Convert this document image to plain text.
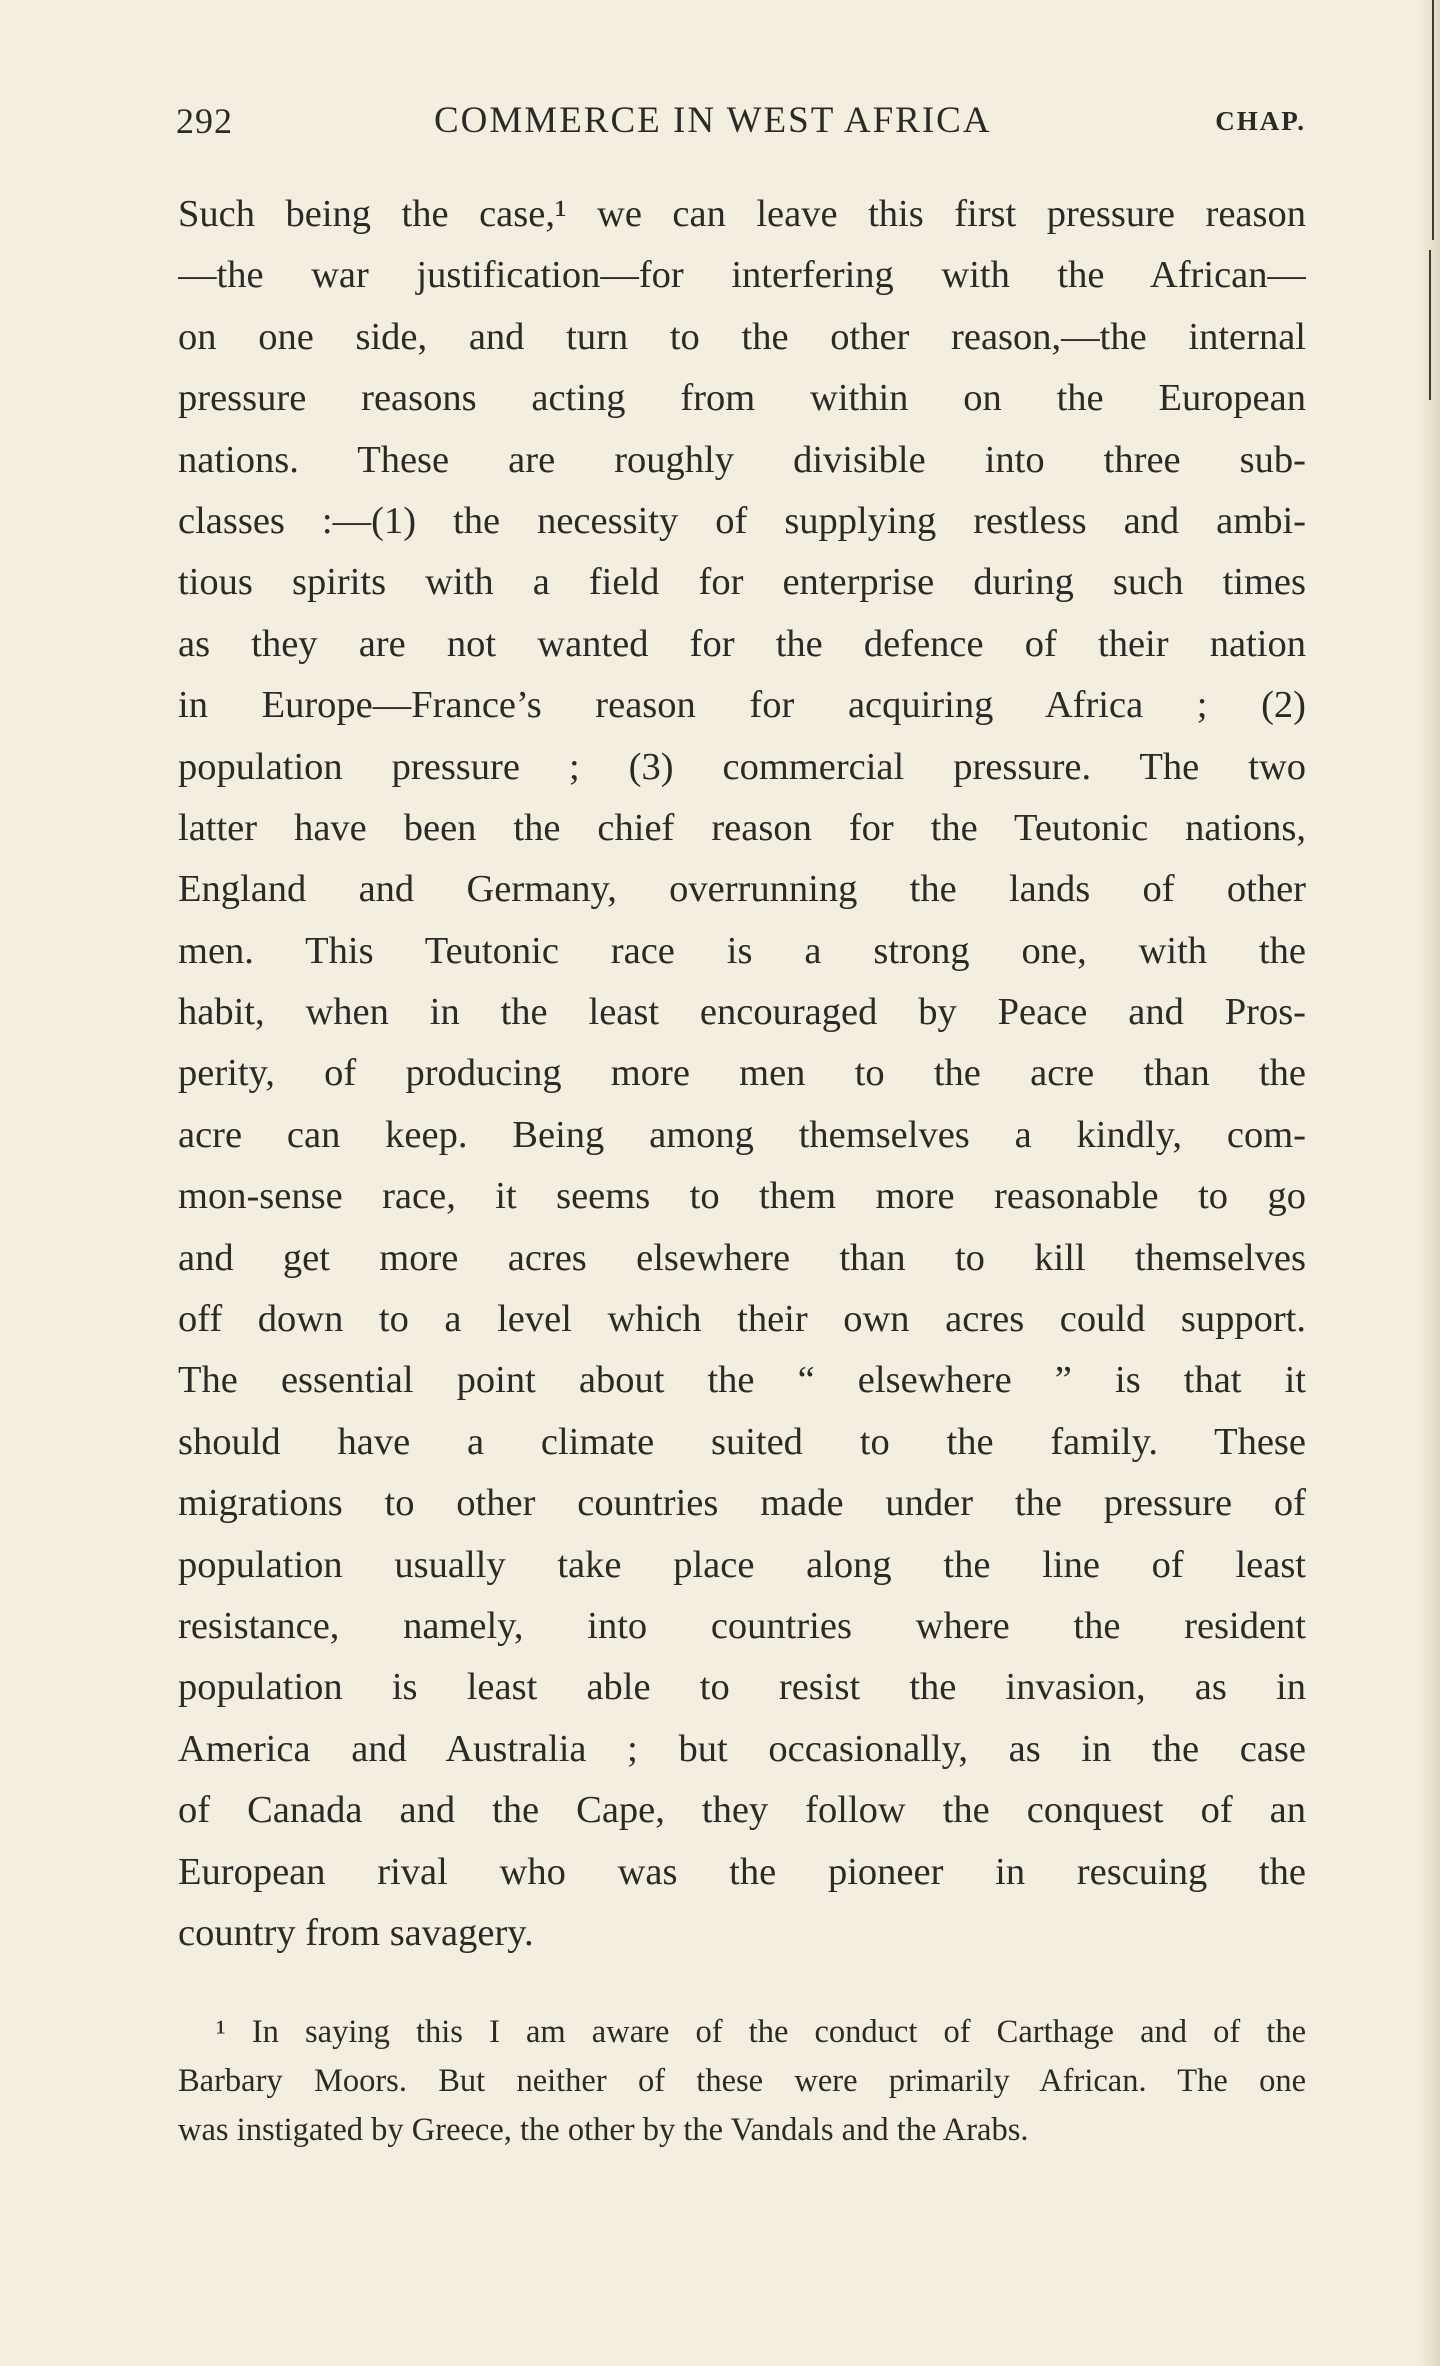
292	COMMERCE IN WEST AFRICA	CHAP.
Such being the case,¹ we can leave this first pressure reason
—the war justification—for interfering with the African—
on one side, and turn to the other reason,—the internal
pressure reasons acting from within on the European
nations. These are roughly divisible into three sub-
classes :—(1) the necessity of supplying restless and ambi-
tious spirits with a field for enterprise during such times
as they are not wanted for the defence of their nation
in Europe—France’s reason for acquiring Africa ; (2)
population pressure ; (3) commercial pressure. The two
latter have been the chief reason for the Teutonic nations,
England and Germany, overrunning the lands of other
men. This Teutonic race is a strong one, with the
habit, when in the least encouraged by Peace and Pros-
perity, of producing more men to the acre than the
acre can keep. Being among themselves a kindly, com-
mon-sense race, it seems to them more reasonable to go
and get more acres elsewhere than to kill themselves
off down to a level which their own acres could support.
The essential point about the “ elsewhere ” is that it
should have a climate suited to the family. These
migrations to other countries made under the pressure of
population usually take place along the line of least
resistance, namely, into countries where the resident
population is least able to resist the invasion, as in
America and Australia ; but occasionally, as in the case
of Canada and the Cape, they follow the conquest of an
European rival who was the pioneer in rescuing the
country from savagery.
¹ In saying this I am aware of the conduct of Carthage and of the
Barbary Moors. But neither of these were primarily African. The one
was instigated by Greece, the other by the Vandals and the Arabs.
